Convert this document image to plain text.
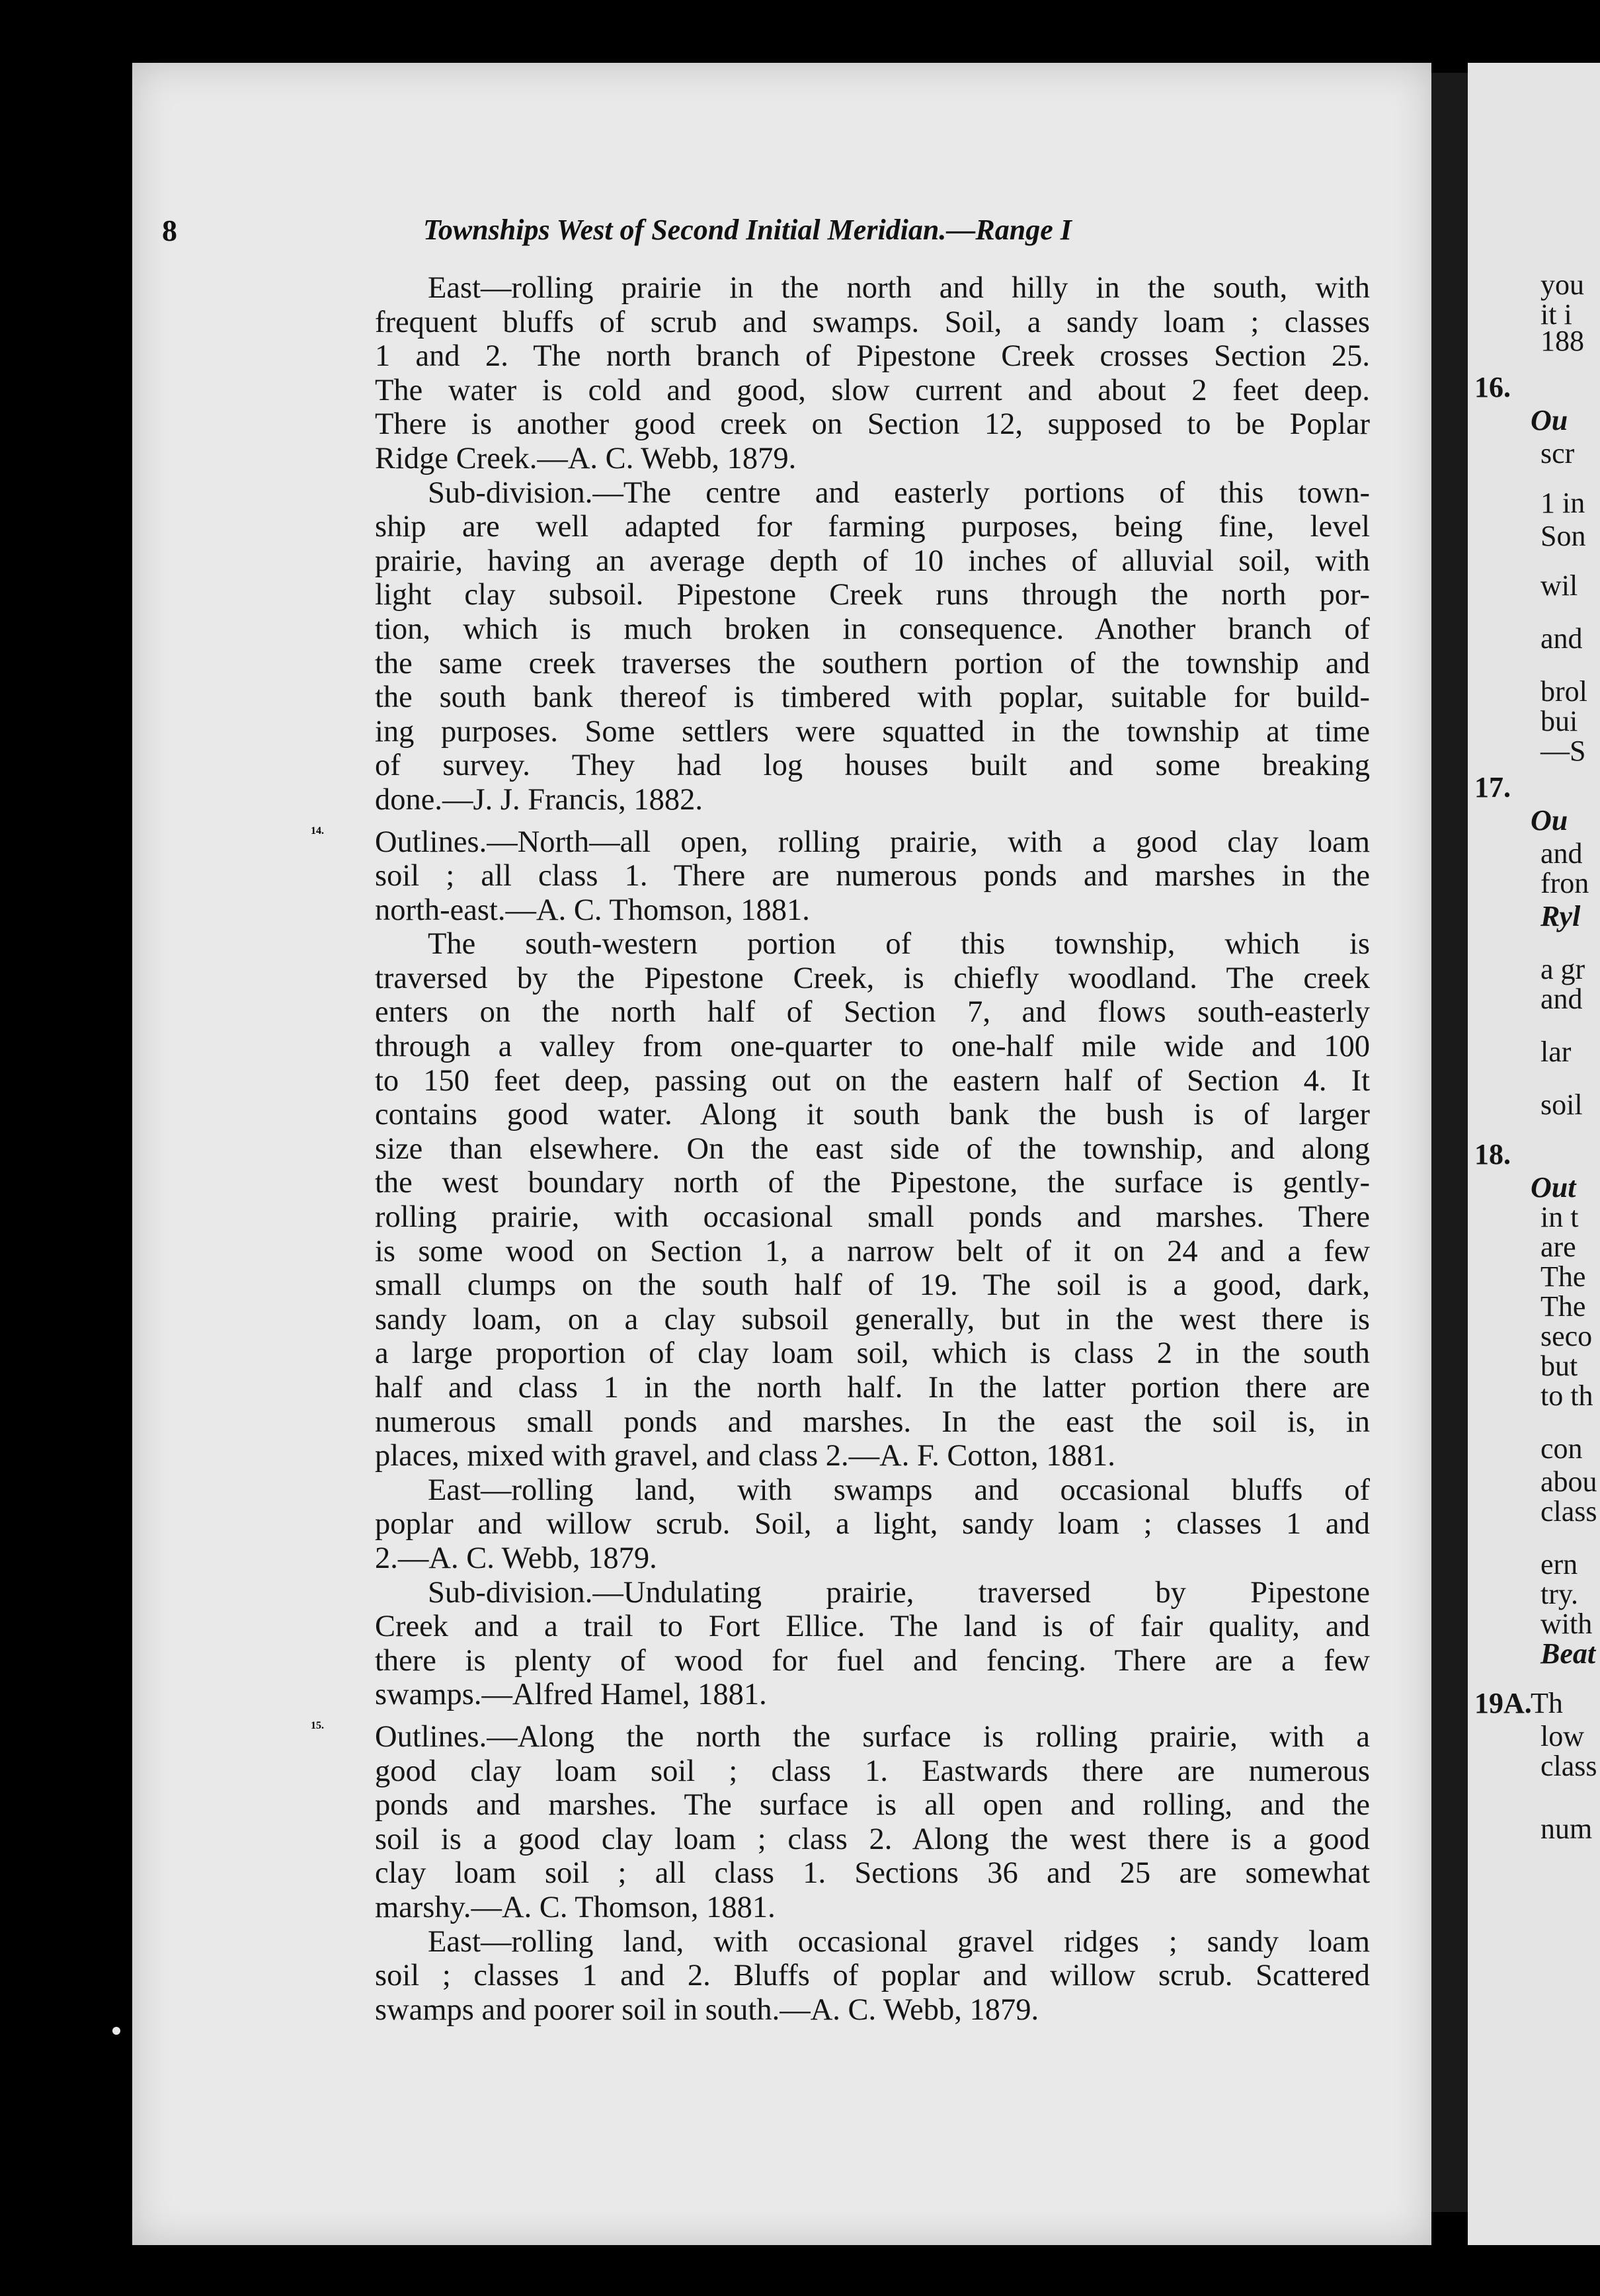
you
it i
188
16.
Ou
scr
1 in
Son
wil
and
brol
bui
—S
17.
Ou
and
fron
Ryl
a gr
and
lar
soil
18.
Out
in t
are
The
The
seco
but
to th
con
abou
class
ern
try.
with
Beat
19A.
Th
low
class
num
8	Townships West of Second Initial Meridian.—Range I
East—rolling prairie in the north and hilly in the south, with
frequent bluffs of scrub and swamps. Soil, a sandy loam ; classes
1 and 2. The north branch of Pipestone Creek crosses Section 25.
The water is cold and good, slow current and about 2 feet deep.
There is another good creek on Section 12, supposed to be Poplar
Ridge Creek.—A. C. Webb, 1879.
Sub-division.—The centre and easterly portions of this town-
ship are well adapted for farming purposes, being fine, level
prairie, having an average depth of 10 inches of alluvial soil, with
light clay subsoil. Pipestone Creek runs through the north por-
tion, which is much broken in consequence. Another branch of
the same creek traverses the southern portion of the township and
the south bank thereof is timbered with poplar, suitable for build-
ing purposes. Some settlers were squatted in the township at time
of survey. They had log houses built and some breaking
done.—J. J. Francis, 1882.
14. Outlines.—North—all open, rolling prairie, with a good clay loam
soil ; all class 1. There are numerous ponds and marshes in the
north-east.—A. C. Thomson, 1881.
The south-western portion of this township, which is
traversed by the Pipestone Creek, is chiefly woodland. The creek
enters on the north half of Section 7, and flows south-easterly
through a valley from one-quarter to one-half mile wide and 100
to 150 feet deep, passing out on the eastern half of Section 4. It
contains good water. Along it south bank the bush is of larger
size than elsewhere. On the east side of the township, and along
the west boundary north of the Pipestone, the surface is gently-
rolling prairie, with occasional small ponds and marshes. There
is some wood on Section 1, a narrow belt of it on 24 and a few
small clumps on the south half of 19. The soil is a good, dark,
sandy loam, on a clay subsoil generally, but in the west there is
a large proportion of clay loam soil, which is class 2 in the south
half and class 1 in the north half. In the latter portion there are
numerous small ponds and marshes. In the east the soil is, in
places, mixed with gravel, and class 2.—A. F. Cotton, 1881.
East—rolling land, with swamps and occasional bluffs of
poplar and willow scrub. Soil, a light, sandy loam ; classes 1 and
2.—A. C. Webb, 1879.
Sub-division.—Undulating prairie, traversed by Pipestone
Creek and a trail to Fort Ellice. The land is of fair quality, and
there is plenty of wood for fuel and fencing. There are a few
swamps.—Alfred Hamel, 1881.
15. Outlines.—Along the north the surface is rolling prairie, with a
good clay loam soil ; class 1. Eastwards there are numerous
ponds and marshes. The surface is all open and rolling, and the
soil is a good clay loam ; class 2. Along the west there is a good
clay loam soil ; all class 1. Sections 36 and 25 are somewhat
marshy.—A. C. Thomson, 1881.
East—rolling land, with occasional gravel ridges ; sandy loam
soil ; classes 1 and 2. Bluffs of poplar and willow scrub. Scattered
swamps and poorer soil in south.—A. C. Webb, 1879.
